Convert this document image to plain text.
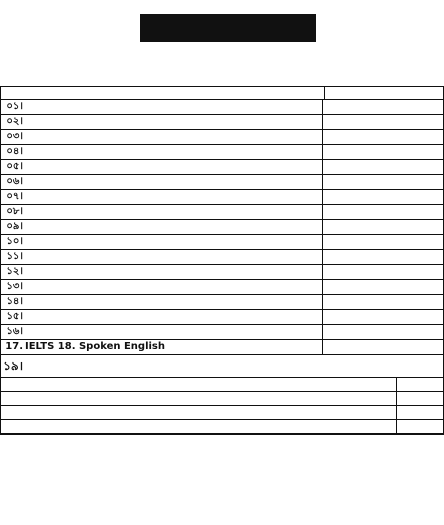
০১।
০২।
০৩।
০৪।
০৫।
০৬।
০৭।
০৮।
০৯।
১০।
১১।
১২।
১৩।
১৪।
১৫।
১৬।
17. IELTS 18. Spoken English
১৯।
